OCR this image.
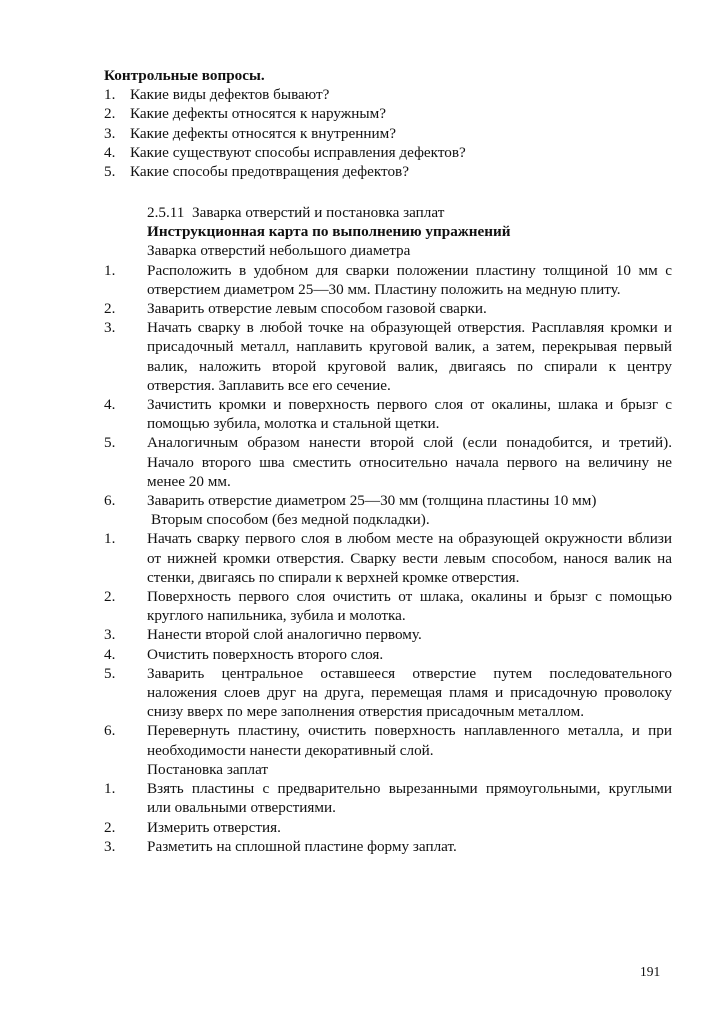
Контрольные вопросы.
1. Какие виды дефектов бывают?
2. Какие дефекты относятся к наружным?
3. Какие дефекты относятся к внутренним?
4. Какие существуют способы исправления дефектов?
5. Какие способы предотвращения дефектов?
2.5.11  Заварка отверстий и постановка заплат
Инструкционная карта по выполнению упражнений
Заварка отверстий небольшого диаметра
1.	Расположить в удобном для сварки положении пластину толщиной 10 мм с отверстием диаметром 25—30 мм. Пластину положить на медную плиту.
2.	Заварить отверстие левым способом газовой сварки.
3.	Начать сварку в любой точке на образующей отверстия. Расплавляя кромки и присадочный металл, наплавить круговой валик, а затем, перекрывая первый валик, наложить второй круговой валик, двигаясь по спирали к центру отверстия. Заплавить все его сечение.
4.	Зачистить кромки и поверхность первого слоя от окалины, шлака и брызг с помощью зубила, молотка и стальной щетки.
5.	Аналогичным образом нанести второй слой (если понадобится, и третий). Начало второго шва сместить относительно начала первого на величину не менее 20 мм.
6.	Заварить отверстие диаметром 25—30 мм (толщина пластины 10 мм)
Вторым способом (без медной подкладки).
1.	Начать сварку первого слоя в любом месте на образующей окружности вблизи от нижней кромки отверстия. Сварку вести левым способом, нанося валик на стенки, двигаясь по спирали к верхней кромке отверстия.
2.	Поверхность первого слоя очистить от шлака, окалины и брызг с помощью круглого напильника, зубила и молотка.
3.	Нанести второй слой аналогично первому.
4.	Очистить поверхность второго слоя.
5.	Заварить центральное оставшееся отверстие путем последовательного наложения слоев друг на друга, перемещая пламя и присадочную проволоку снизу вверх по мере заполнения отверстия присадочным металлом.
6.	Перевернуть пластину, очистить поверхность наплавленного металла, и при необходимости нанести декоративный слой.
Постановка заплат
1.	Взять пластины с предварительно вырезанными прямоугольными, круглыми или овальными отверстиями.
2.	Измерить отверстия.
3.	Разметить на сплошной пластине форму заплат.
191
